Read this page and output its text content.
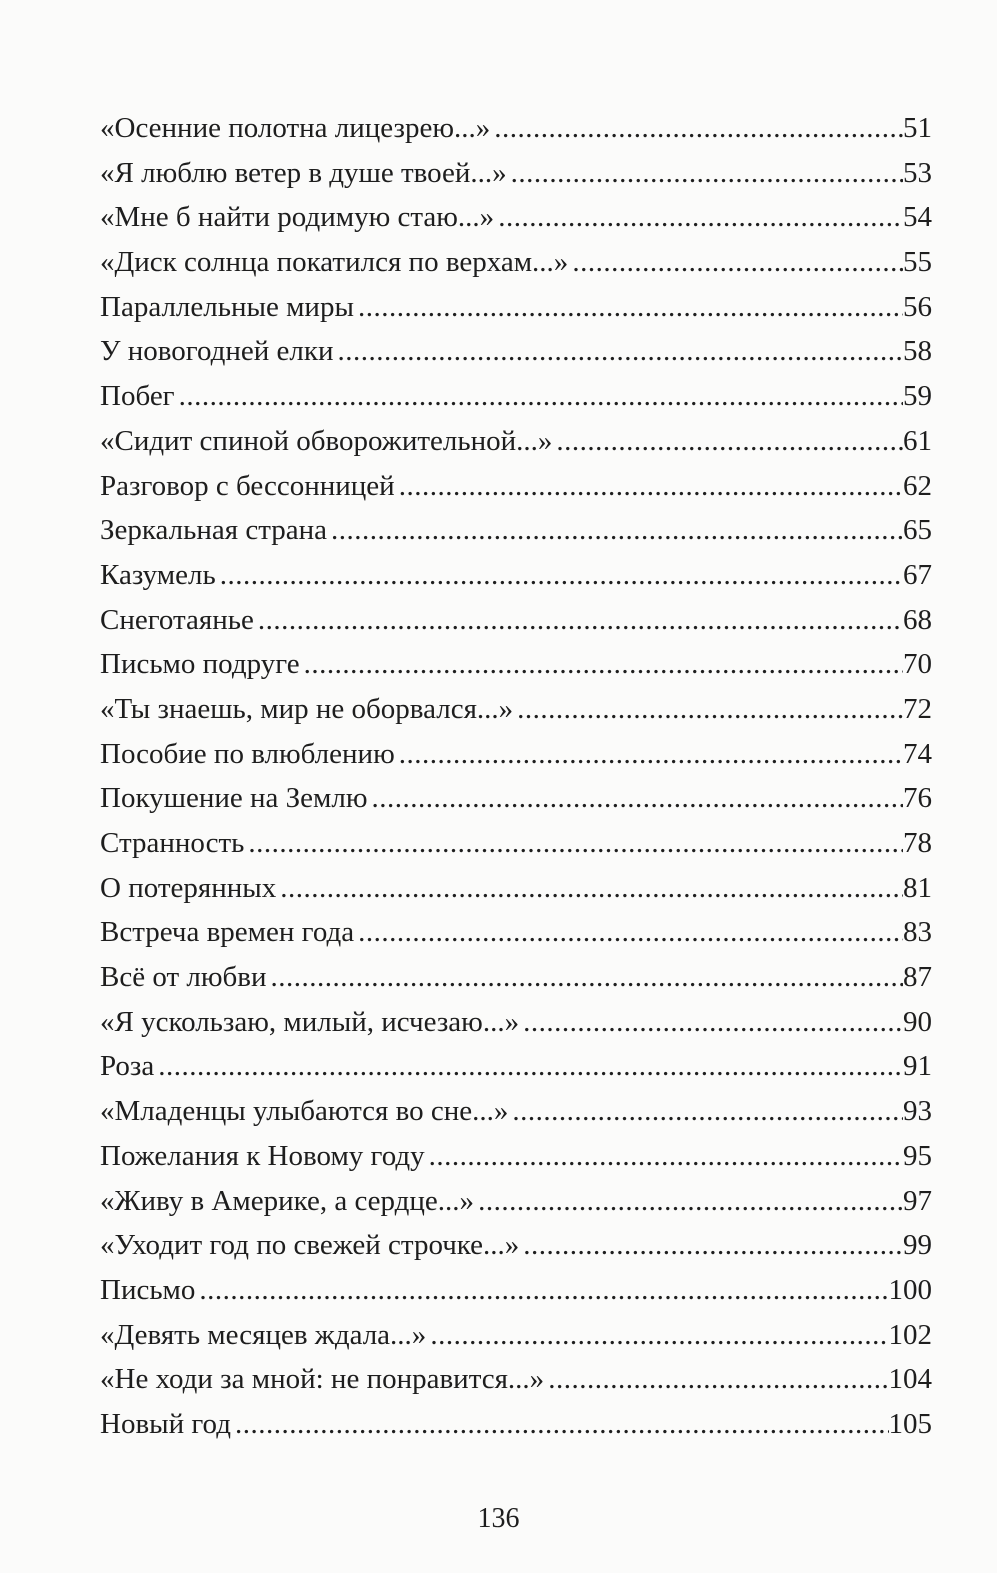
«Осенние полотна лицезрею...» .....	51
«Я люблю ветер в душе твоей...» .....	53
«Мне б найти родимую стаю...» .....	54
«Диск солнца покатился по верхам...» .....	55
Параллельные миры .....	56
У новогодней елки .....	58
Побег .....	59
«Сидит спиной обворожительной...» .....	61
Разговор с бессонницей .....	62
Зеркальная страна .....	65
Казумель .....	67
Снеготаянье .....	68
Письмо подруге .....	70
«Ты знаешь, мир не оборвался...» .....	72
Пособие по влюблению .....	74
Покушение на Землю .....	76
Странность .....	78
О потерянных .....	81
Встреча времен года .....	83
Всё от любви .....	87
«Я ускользаю, милый, исчезаю...» .....	90
Роза .....	91
«Младенцы улыбаются во сне...» .....	93
Пожелания к Новому году .....	95
«Живу в Америке, а сердце...» .....	97
«Уходит год по свежей строчке...» .....	99
Письмо .....	100
«Девять месяцев ждала...» .....	102
«Не ходи за мной: не понравится...» .....	104
Новый год .....	105
136
